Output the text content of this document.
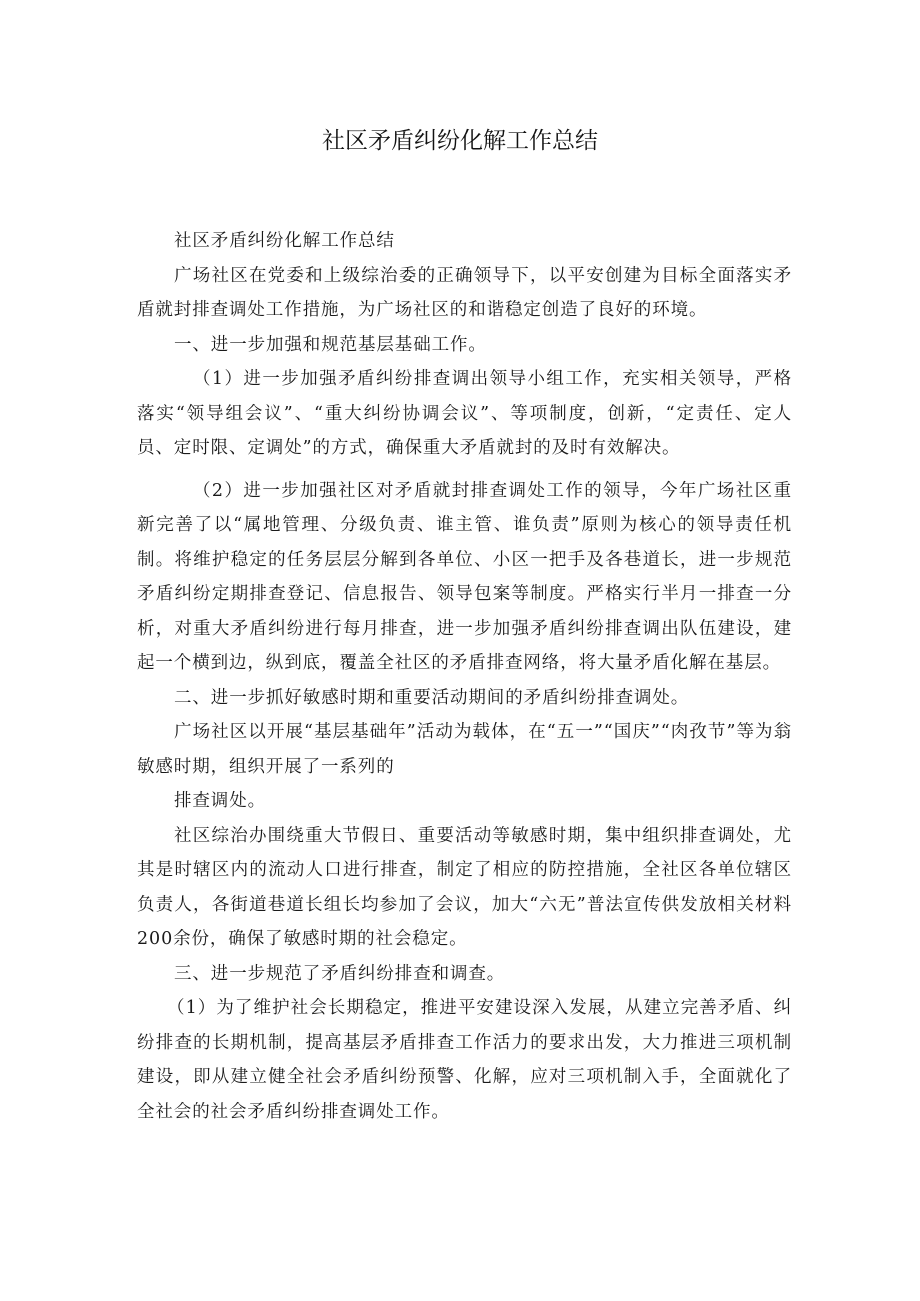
社区矛盾纠纷化解工作总结

社区矛盾纠纷化解工作总结

广场社区在党委和上级综治委的正确领导下，以平安创建为目标全面落实矛盾就封排查调处工作措施，为广场社区的和谐稳定创造了良好的环境。

一、进一步加强和规范基层基础工作。

（1）进一步加强矛盾纠纷排查调出领导小组工作，充实相关领导，严格落实“领导组会议”、“重大纠纷协调会议”、等项制度，创新，“定责任、定人员、定时限、定调处”的方式，确保重大矛盾就封的及时有效解决。

（2）进一步加强社区对矛盾就封排查调处工作的领导，今年广场社区重新完善了以“属地管理、分级负责、谁主管、谁负责”原则为核心的领导责任机制。将维护稳定的任务层层分解到各单位、小区一把手及各巷道长，进一步规范矛盾纠纷定期排查登记、信息报告、领导包案等制度。严格实行半月一排查一分析，对重大矛盾纠纷进行每月排查，进一步加强矛盾纠纷排查调出队伍建设，建起一个横到边，纵到底，覆盖全社区的矛盾排查网络，将大量矛盾化解在基层。

二、进一步抓好敏感时期和重要活动期间的矛盾纠纷排查调处。

广场社区以开展“基层基础年”活动为载体，在“五一”“国庆”“肉孜节”等为翁敏感时期，组织开展了一系列的

排查调处。

社区综治办围绕重大节假日、重要活动等敏感时期，集中组织排查调处，尤其是时辖区内的流动人口进行排查，制定了相应的防控措施，全社区各单位辖区负责人，各街道巷道长组长均参加了会议，加大“六无”普法宣传供发放相关材料200余份，确保了敏感时期的社会稳定。

三、进一步规范了矛盾纠纷排查和调查。

（1）为了维护社会长期稳定，推进平安建设深入发展，从建立完善矛盾、纠纷排查的长期机制，提高基层矛盾排查工作活力的要求出发，大力推进三项机制建设，即从建立健全社会矛盾纠纷预警、化解，应对三项机制入手，全面就化了全社会的社会矛盾纠纷排查调处工作。
